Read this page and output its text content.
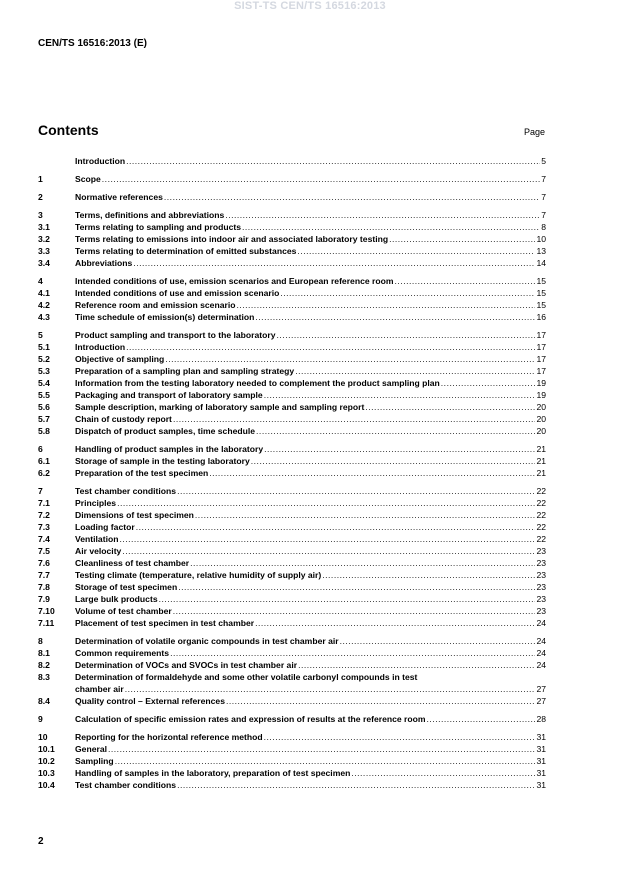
SIST-TS CEN/TS 16516:2013
CEN/TS 16516:2013 (E)
Contents	Page
Introduction .....	5
1	Scope .....	7
2	Normative references .....	7
3	Terms, definitions and abbreviations .....	7
3.1	Terms relating to sampling and products .....	8
3.2	Terms relating to emissions into indoor air and associated laboratory testing .....	10
3.3	Terms relating to determination of emitted substances .....	13
3.4	Abbreviations .....	14
4	Intended conditions of use, emission scenarios and European reference room .....	15
4.1	Intended conditions of use and emission scenario .....	15
4.2	Reference room and emission scenario .....	15
4.3	Time schedule of emission(s) determination .....	16
5	Product sampling and transport to the laboratory .....	17
5.1	Introduction .....	17
5.2	Objective of sampling .....	17
5.3	Preparation of a sampling plan and sampling strategy .....	17
5.4	Information from the testing laboratory needed to complement the product sampling plan .....	19
5.5	Packaging and transport of laboratory sample .....	19
5.6	Sample description, marking of laboratory sample and sampling report .....	20
5.7	Chain of custody report .....	20
5.8	Dispatch of product samples, time schedule .....	20
6	Handling of product samples in the laboratory .....	21
6.1	Storage of sample in the testing laboratory .....	21
6.2	Preparation of the test specimen .....	21
7	Test chamber conditions .....	22
7.1	Principles .....	22
7.2	Dimensions of test specimen .....	22
7.3	Loading factor .....	22
7.4	Ventilation .....	22
7.5	Air velocity .....	23
7.6	Cleanliness of test chamber .....	23
7.7	Testing climate (temperature, relative humidity of supply air) .....	23
7.8	Storage of test specimen .....	23
7.9	Large bulk products .....	23
7.10	Volume of test chamber .....	23
7.11	Placement of test specimen in test chamber .....	24
8	Determination of volatile organic compounds in test chamber air .....	24
8.1	Common requirements .....	24
8.2	Determination of VOCs and SVOCs in test chamber air .....	24
8.3	Determination of formaldehyde and some other volatile carbonyl compounds in test
chamber air .....	27
8.4	Quality control – External references .....	27
9	Calculation of specific emission rates and expression of results at the reference room .....	28
10	Reporting for the horizontal reference method .....	31
10.1	General .....	31
10.2	Sampling .....	31
10.3	Handling of samples in the laboratory, preparation of test specimen .....	31
10.4	Test chamber conditions .....	31
2
